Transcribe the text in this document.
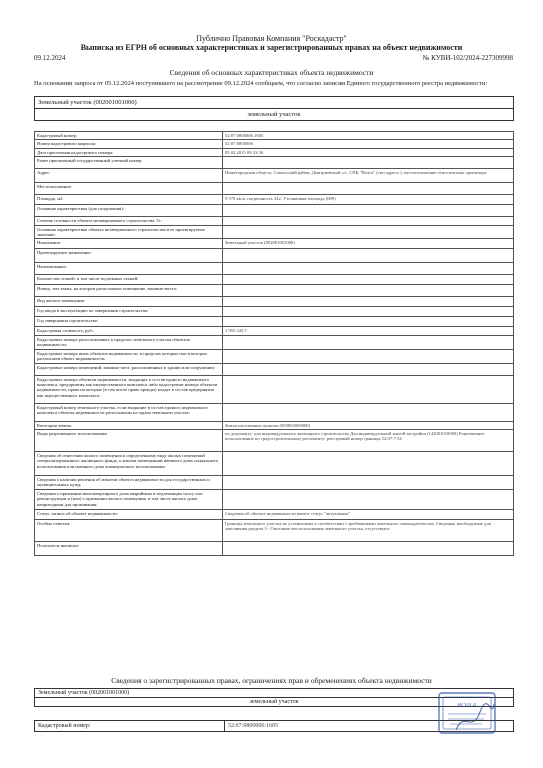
Публично Правовая Компания "Роскадастр"
Выписка из ЕГРН об основных характеристиках и зарегистрированных правах на объект недвижимости
09.12.2024	№ КУВИ-102/2024-227309998
Сведения об основных характеристиках объекта недвижимости
На основании запроса от 05.12.2024 поступившего на рассмотрение 09.12.2024 сообщаем, что согласно записям Единого государственного реестра недвижимости:
Земельный участок (002001001000)
земельный участок
Кадастровый номер:	52:07:0800006:1605
Номер кадастрового квартала:	52:07:0800006
Дата присвоения кадастрового номера:	05.02.2015 09:33:56
Ранее присвоенный государственный учетный номер:	
Адрес:	Нижегородская область, Сокольский район, Дмитриевский с/с, СПК "Волга" (тип адреса ), местоположение относительно ориентира:
Местоположение:	
Площадь, м2:	9 570 кв.м, погрешность 342, Уточненная площадь (009)
Основная характеристика (для сооружения):	
Степень готовности объекта незавершенного строительства, %:	
Основная характеристика объекта незавершенного строительства и ее проектируемое значение:	
Назначение:	Земельный участок (002001001000)
Проектируемое назначение:	
Наименование:	
Количество этажей, в том числе подземных этажей:	
Номер, тип этажа, на котором расположено помещение, машино-место:	
Вид жилого помещения:	
Год ввода в эксплуатацию по завершении строительства:	
Год завершения строительства:	
Кадастровая стоимость, руб.:	1 955 245,7
Кадастровые номера расположенных в пределах земельного участка объектов недвижимости:	
Кадастровые номера иных объектов недвижимости, в пределах которых или в которых расположен объект недвижимости:	
Кадастровые номера помещений, машино-мест, расположенных в здании или сооружении:	
Кадастровые номера объектов недвижимости, входящих в состав единого недвижимого комплекса, предприятия как имущественного комплекса либо кадастровые номера объектов недвижимости, права на которые (в том числе право аренды) входят в состав предприятия как имущественного комплекса:	
Кадастровый номер земельного участка, если входящие в состав единого недвижимого комплекса объекты недвижимости расположены на одном земельном участке:	
Категория земель:	Земли населенных пунктов (003002000000)
Виды разрешенного использования:	по документу: для индивидуального жилищного строительства Для индивидуальной жилой застройки (142001010000) Разрешенное использование по градостроительному регламенту: реестровый номер границы 52:07-7.54
Сведения об отнесении жилого помещения к определенному виду жилых помещений специализированного жилищного фонда, к жилым помещениям наемного дома социального использования или наемного дома коммерческого использования:	
Сведения о наличии решения об изъятии объекта недвижимости для государственных и муниципальных нужд:	
Сведения о признании многоквартирного дома аварийным и подлежащим сносу или реконструкции и (или) о признании жилого помещения, в том числе жилого дома, непригодным для проживания:	
Статус записи об объекте недвижимости:	Сведения об объекте недвижимости имеют статус "актуальные"
Особые отметки:	Границы земельного участка не установлены в соответствии с требованиями земельного законодательства. Сведения, необходимые для заполнения раздела 3 - Описание местоположения земельного участка, отсутствуют.
Получатель выписки:	
Сведения о зарегистрированных правах, ограничениях прав и обременениях объекта недвижимости
Земельный участок (002001001000)
земельный участок
Кадастровый номер:	52:07:0800006:1605
ВОЛГА
